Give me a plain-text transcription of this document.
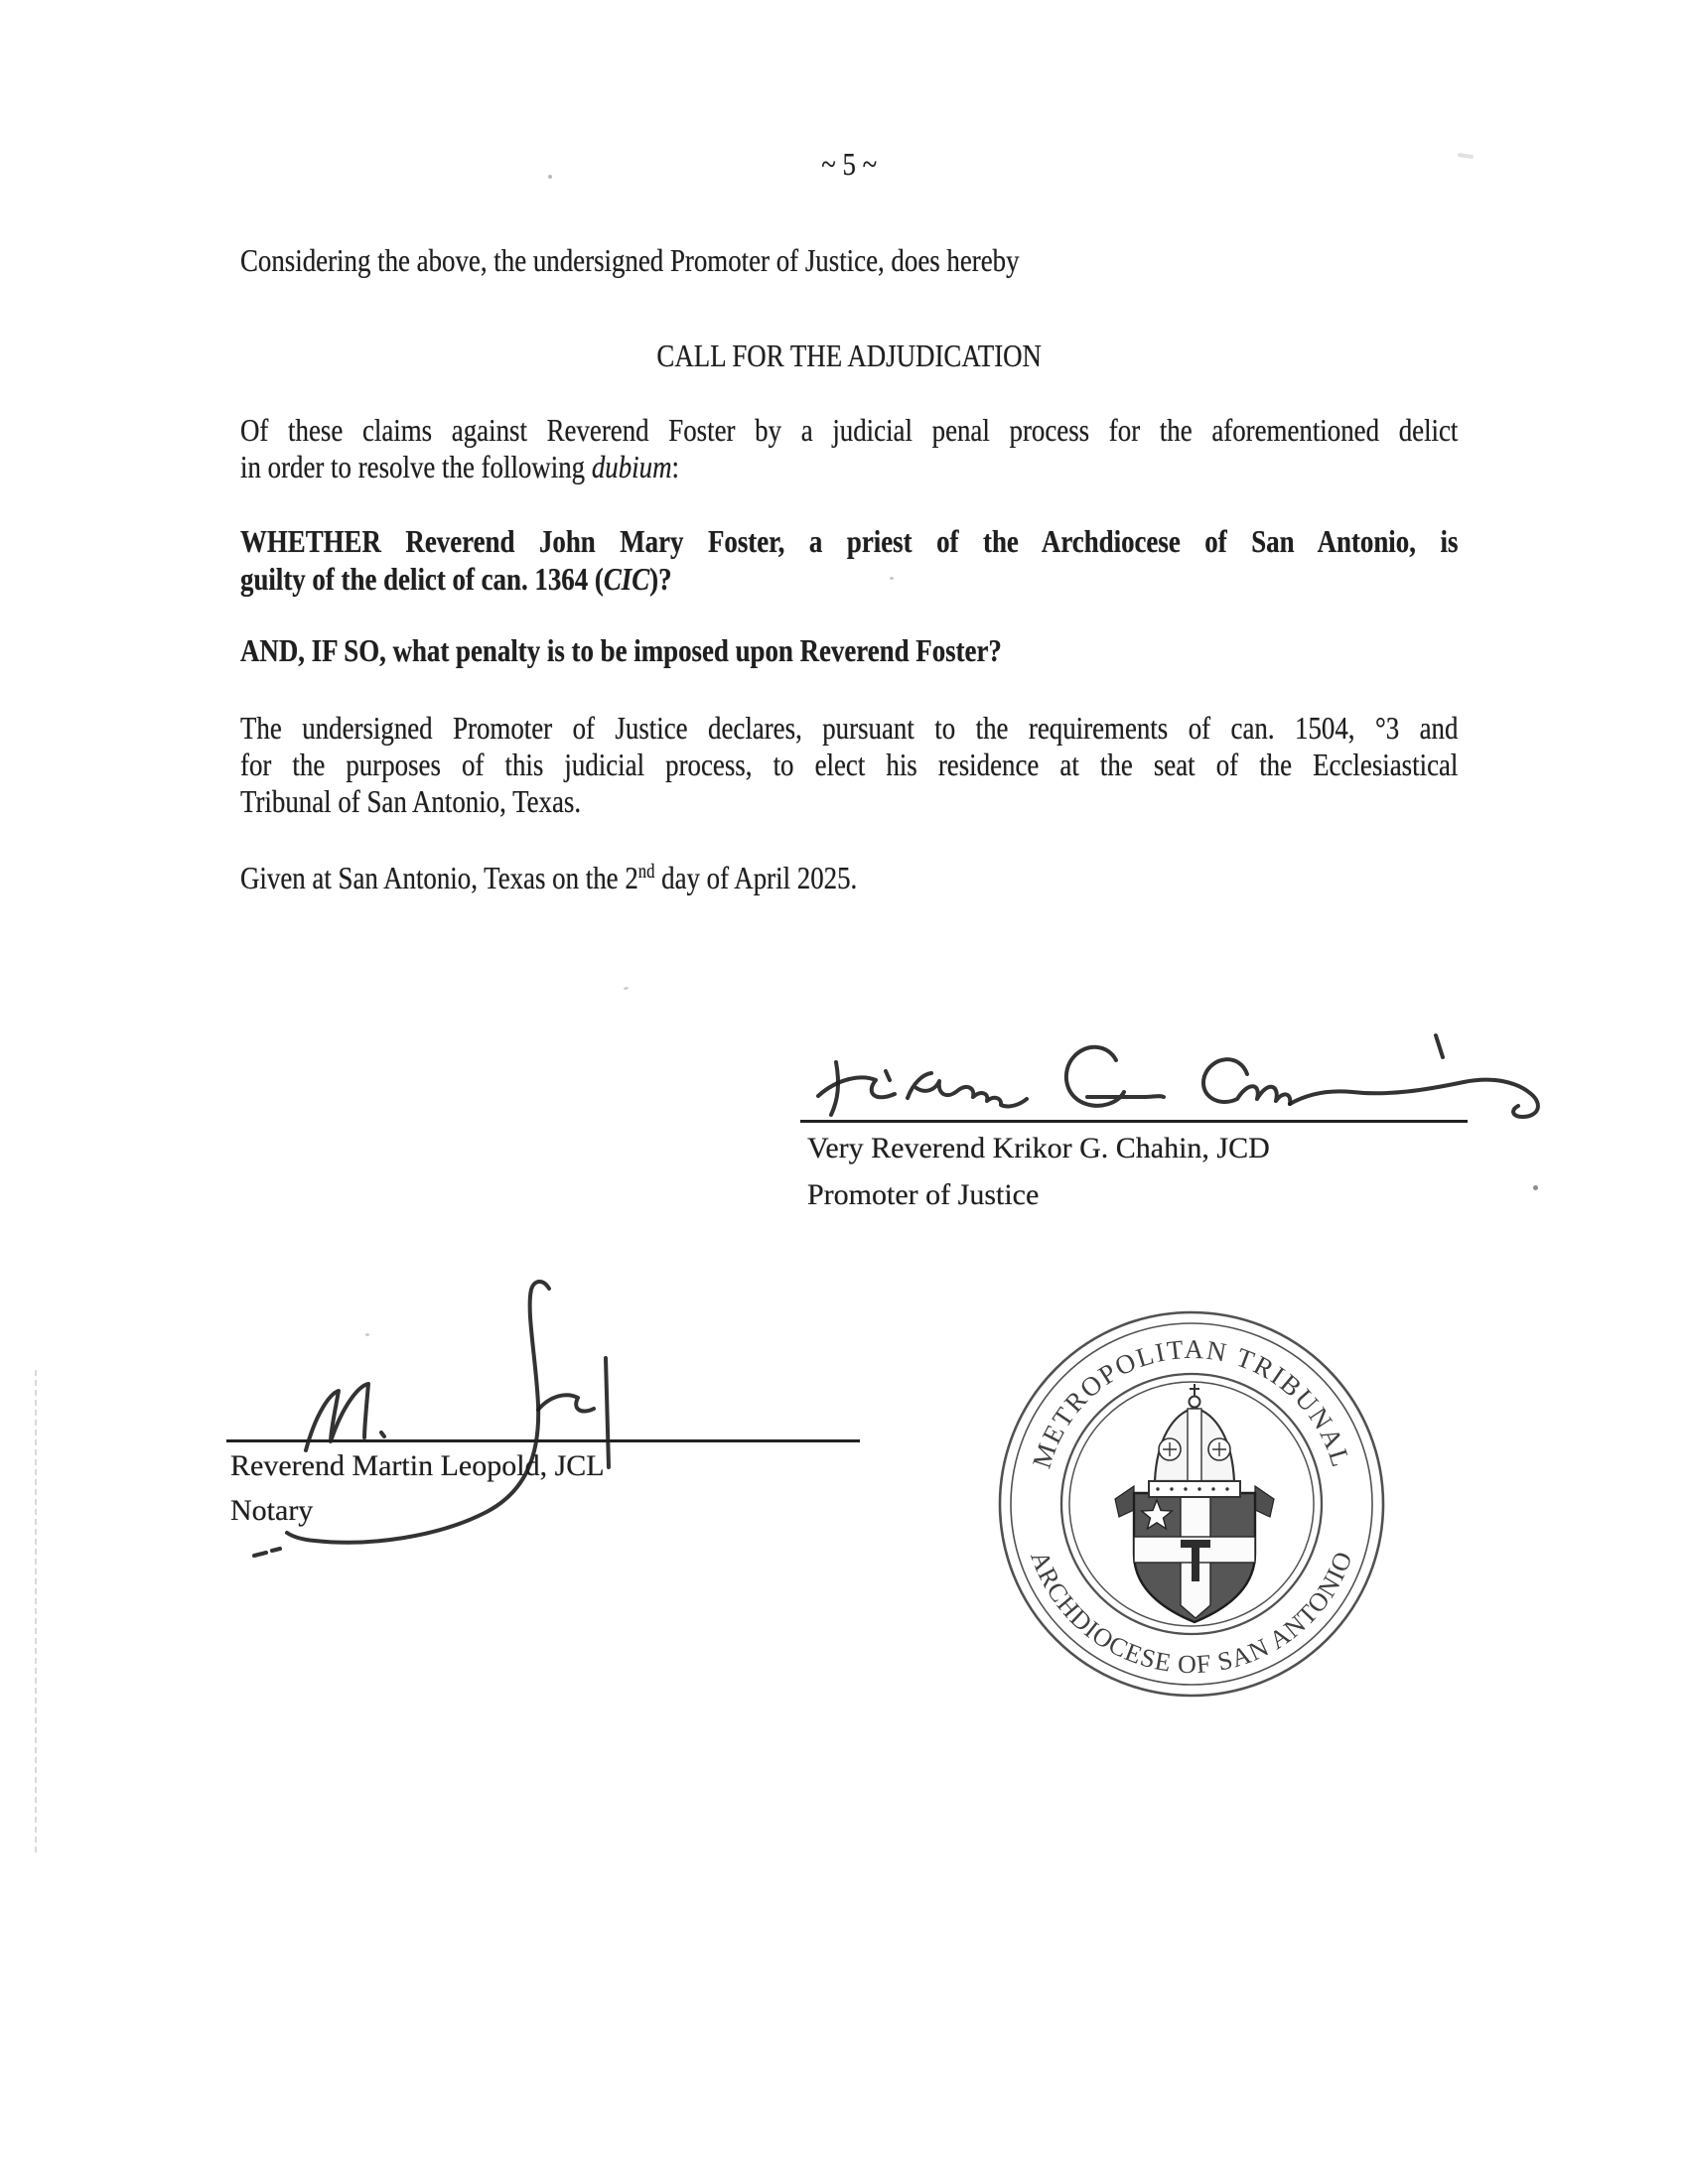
~ 5 ~
Considering the above, the undersigned Promoter of Justice, does hereby
CALL FOR THE ADJUDICATION
Of these claims against Reverend Foster by a judicial penal process for the aforementioned delict
in order to resolve the following dubium:
WHETHER Reverend John Mary Foster, a priest of the Archdiocese of San Antonio, is
guilty of the delict of can. 1364 (CIC)?
AND, IF SO, what penalty is to be imposed upon Reverend Foster?
The undersigned Promoter of Justice declares, pursuant to the requirements of can. 1504, °3 and
for the purposes of this judicial process, to elect his residence at the seat of the Ecclesiastical
Tribunal of San Antonio, Texas.
Given at San Antonio, Texas on the 2nd day of April 2025.
Very Reverend Krikor G. Chahin, JCD
Promoter of Justice
Reverend Martin Leopold, JCL
Notary
METROPOLITAN TRIBUNAL
ARCHDIOCESE OF SAN ANTONIO
